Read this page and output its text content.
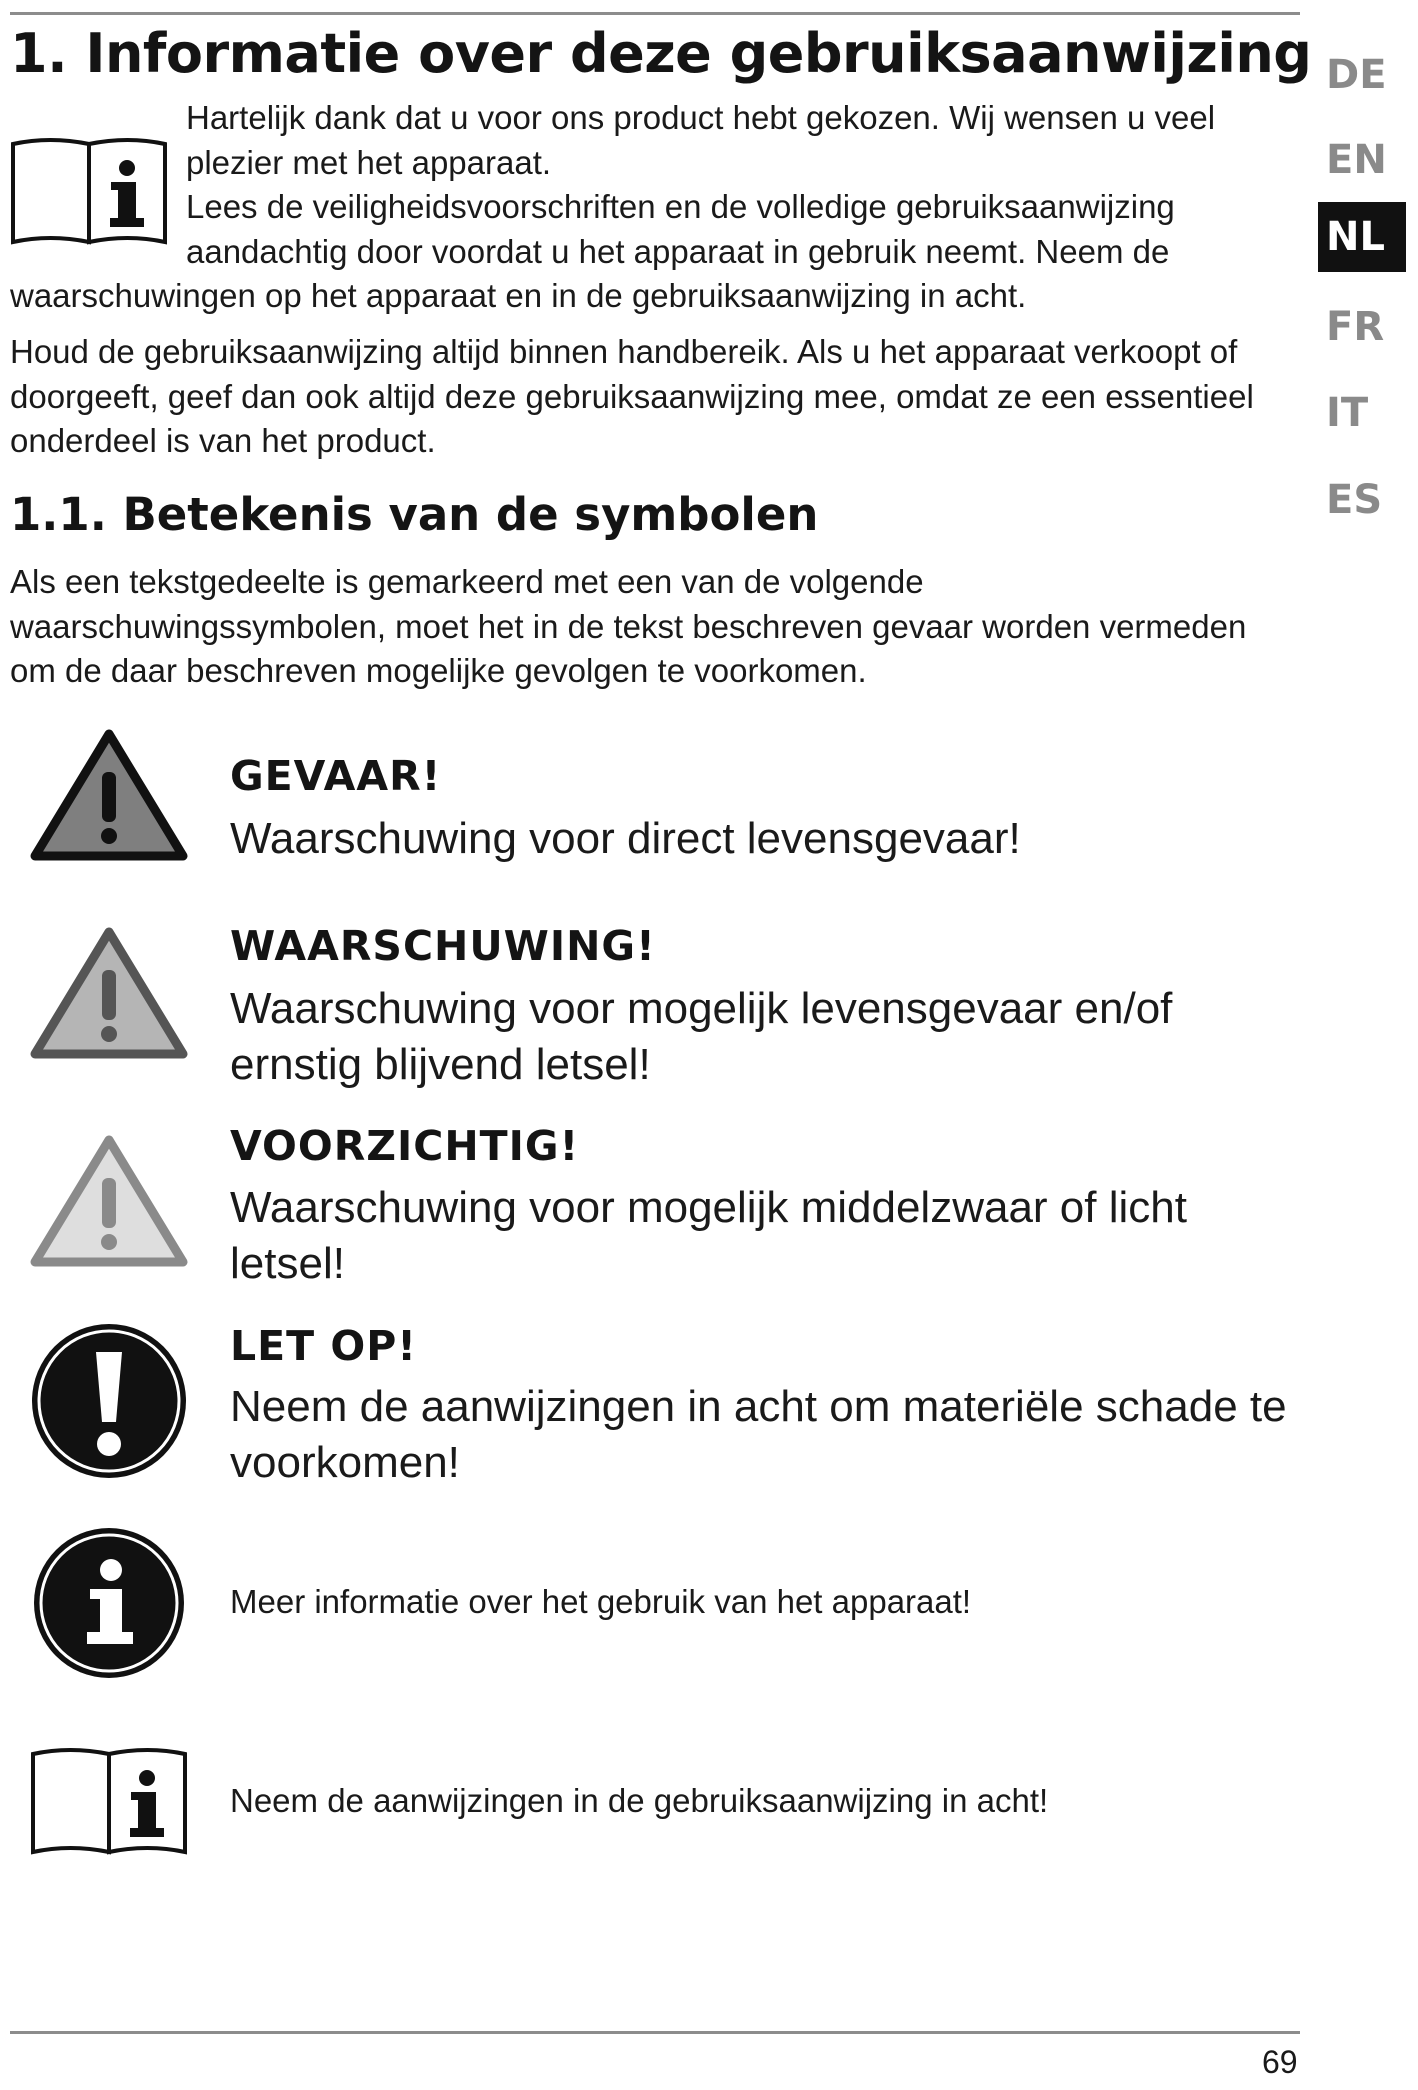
1. Informatie over deze gebruiksaanwijzing

Hartelijk dank dat u voor ons product hebt gekozen. Wij wensen u veel plezier met het apparaat.
Lees de veiligheidsvoorschriften en de volledige gebruiksaanwijzing aandachtig door voordat u het apparaat in gebruik neemt. Neem de waarschuwingen op het apparaat en in de gebruiksaanwijzing in acht.

Houd de gebruiksaanwijzing altijd binnen handbereik. Als u het apparaat verkoopt of doorgeeft, geef dan ook altijd deze gebruiksaanwijzing mee, omdat ze een essentieel onderdeel is van het product.

1.1. Betekenis van de symbolen

Als een tekstgedeelte is gemarkeerd met een van de volgende waarschuwingssymbolen, moet het in de tekst beschreven gevaar worden vermeden om de daar beschreven mogelijke gevolgen te voorkomen.

DE
EN
NL
FR
IT
ES

GEVAAR!

Waarschuwing voor direct levensgevaar!

WAARSCHUWING!

Waarschuwing voor mogelijk levensgevaar en/of ernstig blijvend letsel!

VOORZICHTIG!

Waarschuwing voor mogelijk middelzwaar of licht letsel!

LET OP!

Neem de aanwijzingen in acht om materiële schade te voorkomen!

Meer informatie over het gebruik van het apparaat!

Neem de aanwijzingen in de gebruiksaanwijzing in acht!

69
